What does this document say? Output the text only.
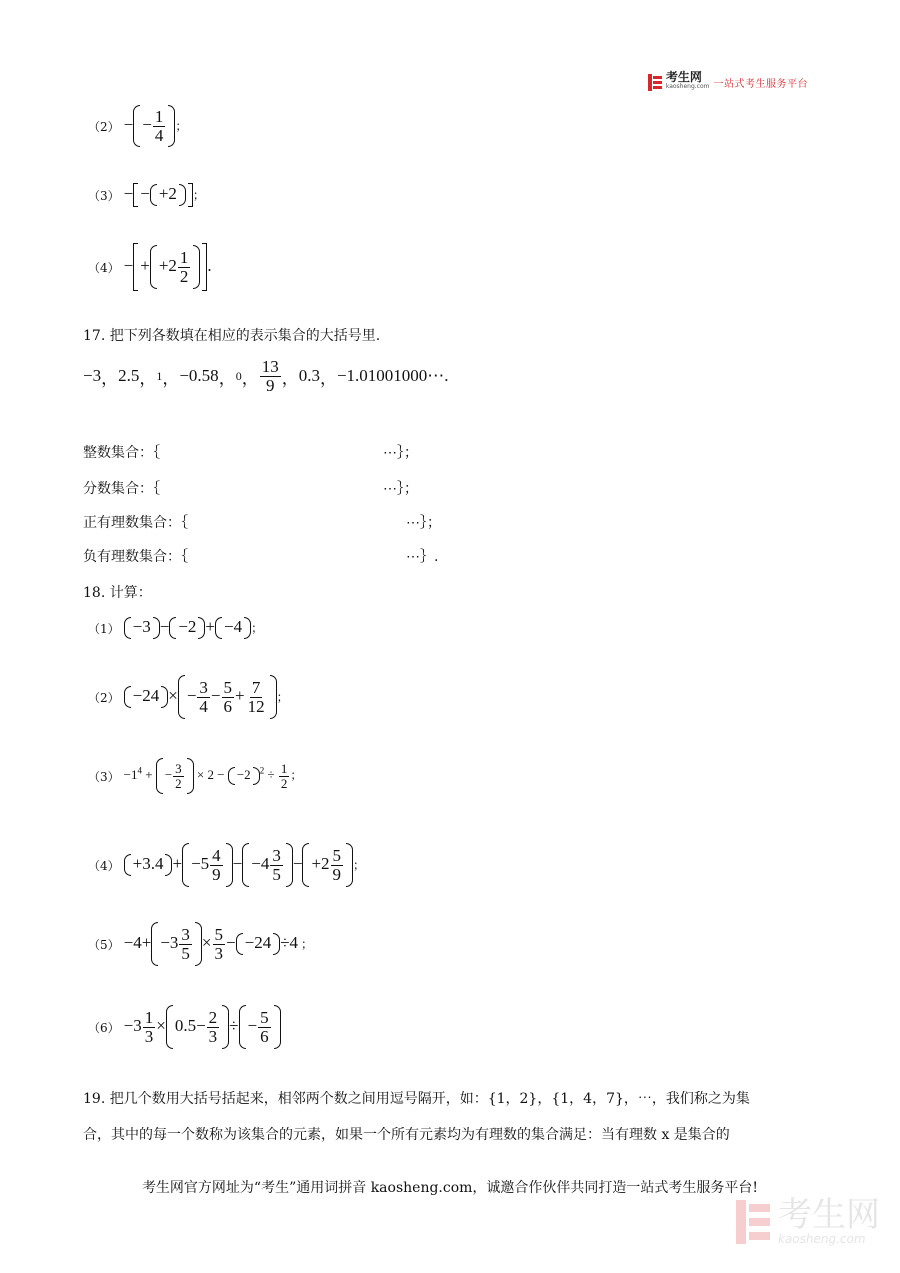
考生网
kaosheng.com 一站式考生服务平台
（2） − − $\frac{1}{4}$ ；
（3） − − +2 ；
（4） − + $+2 \frac{1}{2}$ .
17. 把下列各数填在相应的表示集合的大括号里.
−3 ， 2.5 ， 1 ， −0.58 ， 0 ， $\frac{13}{9}$ ， 0.3 ， −1.01001000⋯ .
整数集合：｛	⋯｝；
分数集合：｛	⋯｝；
正有理数集合：｛	⋯｝；
负有理数集合：｛	⋯｝.
18. 计算：
（1） −3 − −2 + −4 ；
（2） −24 × − $\frac{3}{4} - \frac{5}{6} + \frac{7}{12}$ ；
$(3) -1^4$ + − $\frac{3}{2} \times 2 - -2$ $^2 \div \frac{1}{2}$ ；
$(4) +3.4 + -5 \frac{4}{9} - -4 \frac{3}{5} - +2 \frac{5}{9}$ ；
$(5) -4+ -3 \frac{3}{5} \times \frac{5}{3} - -24 \div 4$ ；
$(6) -3 \frac{1}{3} \times 0.5- \frac{2}{3}$ ÷ − $\frac{5}{6}$
19. 把几个数用大括号括起来，相邻两个数之间用逗号隔开，如：{1，2}，{1，4，7}，⋯，我们称之为集
合，其中的每一个数称为该集合的元素，如果一个所有元素均为有理数的集合满足：当有理数 x 是集合的
考生网官方网址为“考生”通用词拼音 kaosheng.com，诚邀合作伙伴共同打造一站式考生服务平台!
考生网
kaosheng.com
